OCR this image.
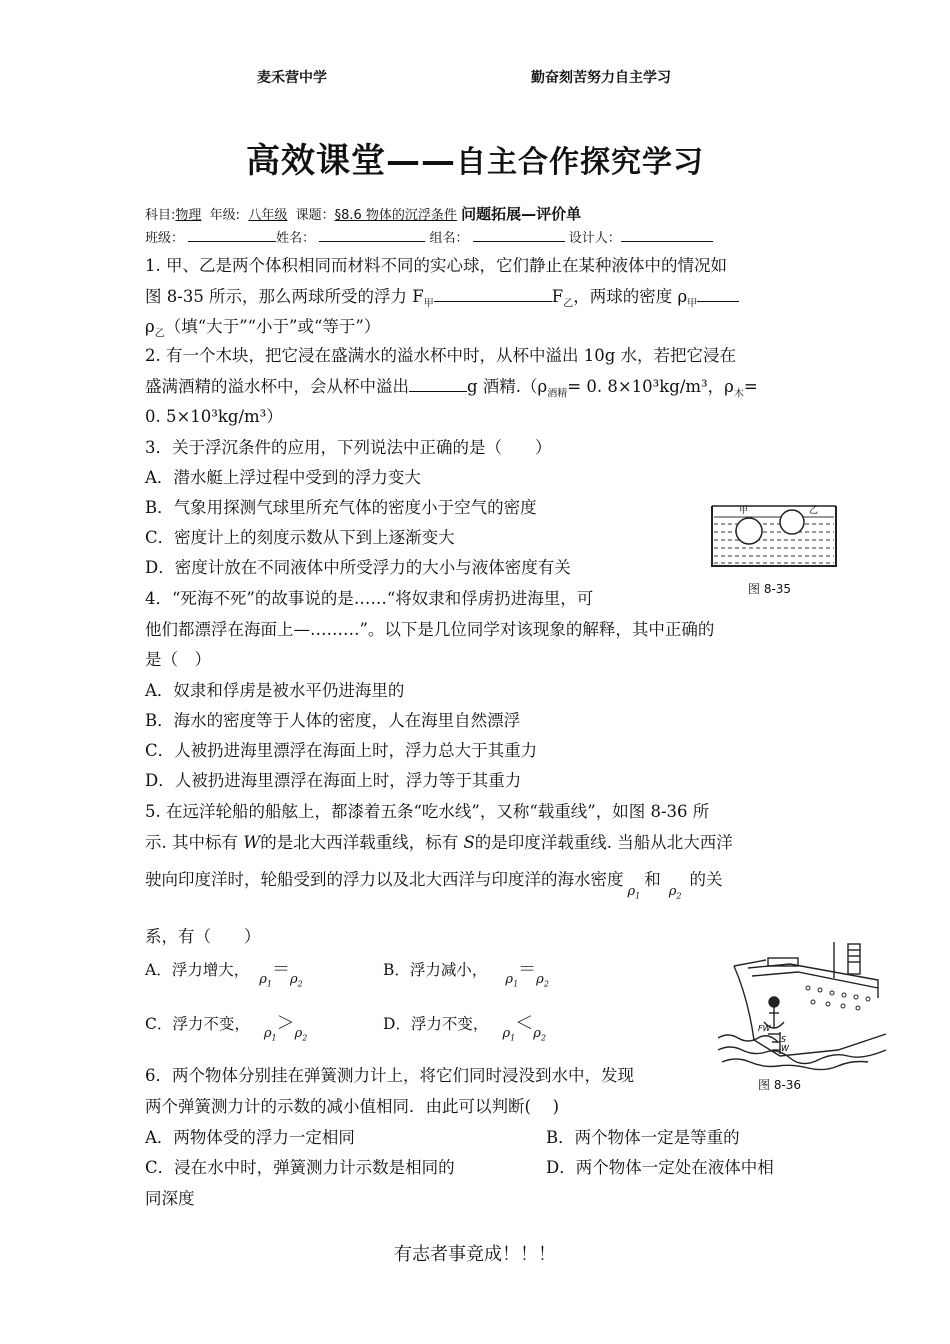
麦禾营中学	勤奋刻苦努力自主学习
高效课堂——自主合作探究学习
科目:物理 年级: 八年级 课题：§8.6 物体的沉浮条件 问题拓展—评价单
班级：	姓名：	组名：	设计人：
1. 甲、乙是两个体积相同而材料不同的实心球，它们静止在某种液体中的情况如
图 8-35 所示，那么两球所受的浮力 $F_甲$	$F_乙$，两球的密度 $\rho_甲$
$\rho_乙$（填“大于”“小于”或“等于”）
2. 有一个木块，把它浸在盛满水的溢水杯中时，从杯中溢出 10g 水，若把它浸在
盛满酒精的溢水杯中，会从杯中溢出	g 酒精$.(\rho_{酒精}= 0$. 8×10³kg/m³，$\rho_木=$
0. 5×10³kg/m³）
3．关于浮沉条件的应用，下列说法中正确的是（　　）
A．潜水艇上浮过程中受到的浮力变大
B．气象用探测气球里所充气体的密度小于空气的密度
C．密度计上的刻度示数从下到上逐渐变大
D．密度计放在不同液体中所受浮力的大小与液体密度有关
甲	乙
图 8-35
4．“死海不死”的故事说的是……“将奴隶和俘虏扔进海里，可
他们都漂浮在海面上—………”。以下是几位同学对该现象的解释，其中正确的
是（　）
A．奴隶和俘虏是被水平仍进海里的
B．海水的密度等于人体的密度，人在海里自然漂浮
C．人被扔进海里漂浮在海面上时，浮力总大于其重力
D．人被扔进海里漂浮在海面上时，浮力等于其重力
5. 在远洋轮船的船舷上，都漆着五条“吃水线”，又称“载重线”，如图 8-36 所
示. 其中标有 W的是北大西洋载重线，标有 S的是印度洋载重线. 当船从北大西洋
驶向印度洋时，轮船受到的浮力以及北大西洋与印度洋的海水密度$\rho_1$和$\rho_2$的关
系，有（　　）
A．浮力增大，$\rho_1=\rho_2$
B．浮力减小，$\rho_1=\rho_2$
C．浮力不变，$\rho_1>\rho_2$
D．浮力不变，$\rho_1<\rho_2$
FW
S
W
图 8-36
6．两个物体分别挂在弹簧测力计上，将它们同时浸没到水中，发现
两个弹簧测力计的示数的减小值相同．由此可以判断(　 )
A．两物体受的浮力一定相同	B．两个物体一定是等重的
C．浸在水中时，弹簧测力计示数是相同的	D．两个物体一定处在液体中相
同深度
有志者事竟成！！！
